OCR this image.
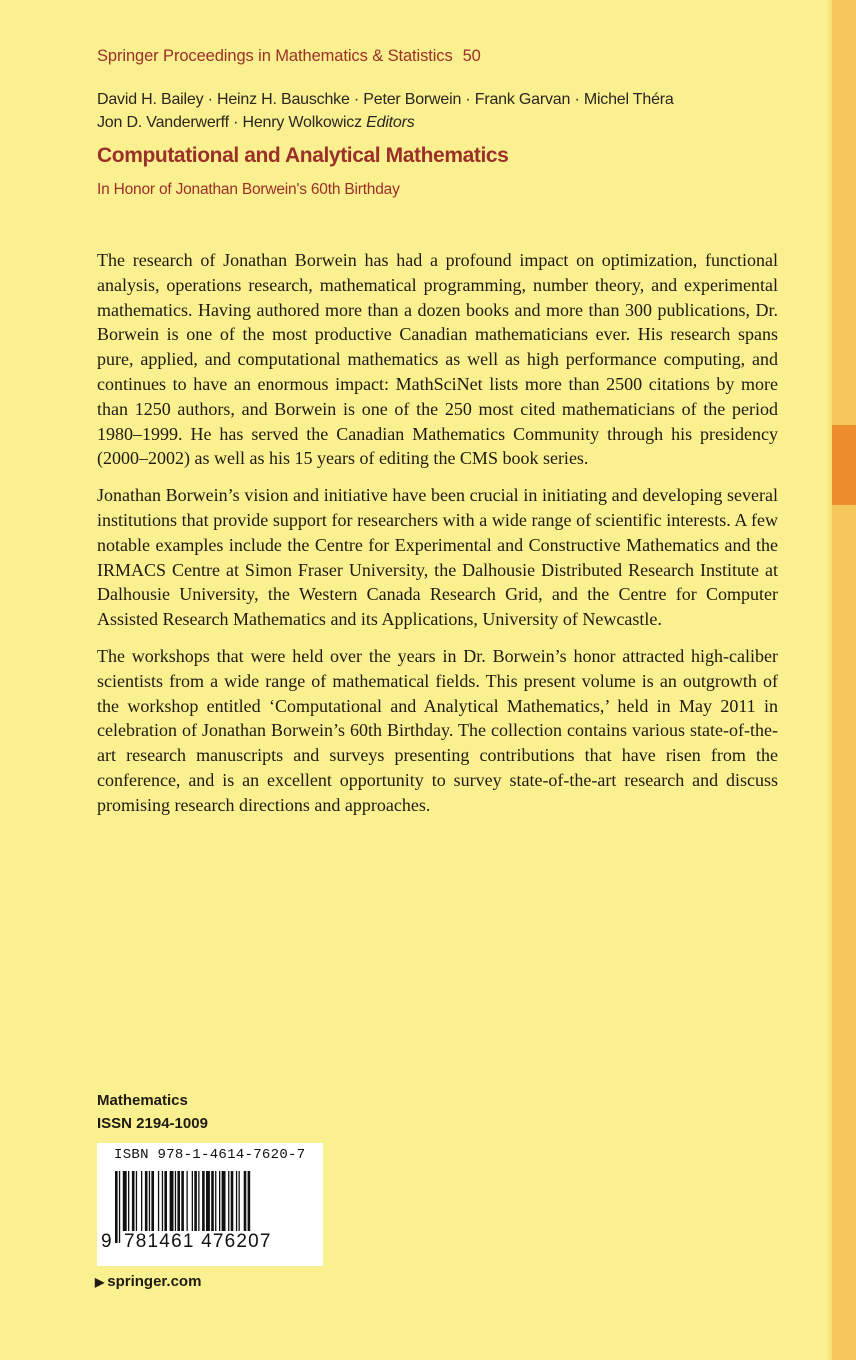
Springer Proceedings in Mathematics & Statistics 50
David H. Bailey · Heinz H. Bauschke · Peter Borwein · Frank Garvan · Michel Théra
Jon D. Vanderwerff · Henry Wolkowicz Editors
Computational and Analytical Mathematics
In Honor of Jonathan Borwein's 60th Birthday

The research of Jonathan Borwein has had a profound impact on optimization, functional analysis, operations research, mathematical programming, number theory, and experimental mathematics. Having authored more than a dozen books and more than 300 publications, Dr. Borwein is one of the most productive Canadian mathematicians ever. His research spans pure, applied, and computational mathematics as well as high performance computing, and continues to have an enormous impact: MathSciNet lists more than 2500 citations by more than 1250 authors, and Borwein is one of the 250 most cited mathematicians of the period 1980–1999. He has served the Canadian Mathematics Community through his presidency (2000–2002) as well as his 15 years of editing the CMS book series.

Jonathan Borwein’s vision and initiative have been crucial in initiating and developing several institutions that provide support for researchers with a wide range of scientific interests. A few notable examples include the Centre for Experimental and Constructive Mathematics and the IRMACS Centre at Simon Fraser University, the Dalhousie Distributed Research Institute at Dalhousie University, the Western Canada Research Grid, and the Centre for Computer Assisted Research Mathematics and its Applications, University of Newcastle.

The workshops that were held over the years in Dr. Borwein’s honor attracted high-caliber scientists from a wide range of mathematical fields. This present volume is an outgrowth of the workshop entitled ‘Computational and Analytical Mathematics,’ held in May 2011 in celebration of Jonathan Borwein’s 60th Birthday. The collection contains various state-of-the-art research manuscripts and surveys presenting contributions that have risen from the conference, and is an excellent opportunity to survey state-of-the-art research and discuss promising research directions and approaches.

Mathematics
ISSN 2194-1009
ISBN 978-1-4614-7620-7
9 781461 476207
▶ springer.com
